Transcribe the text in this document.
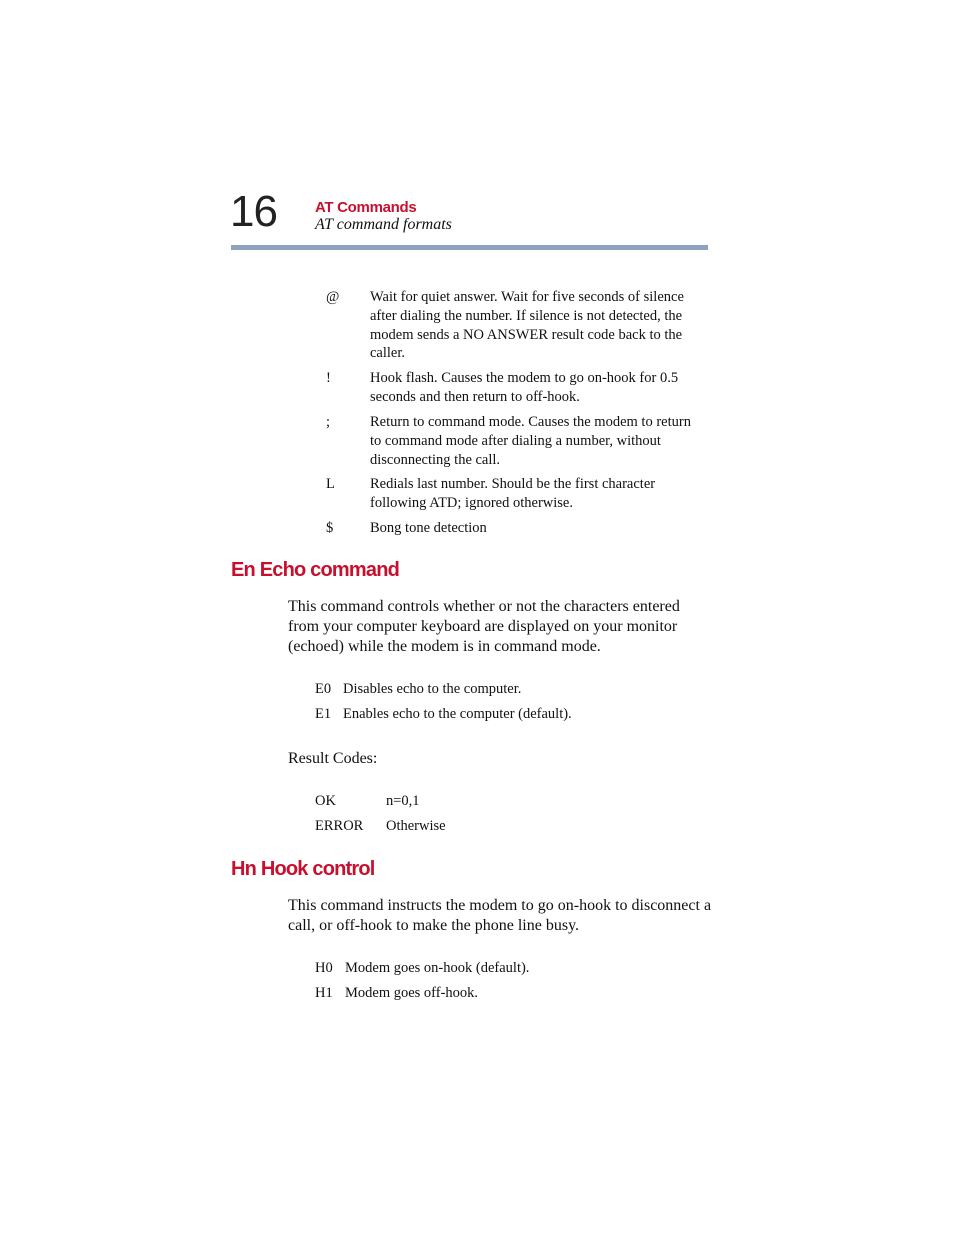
16	AT Commands
AT command formats
@	Wait for quiet answer. Wait for five seconds of silence after dialing the number. If silence is not detected, the modem sends a NO ANSWER result code back to the caller.
!	Hook flash. Causes the modem to go on-hook for 0.5 seconds and then return to off-hook.
;	Return to command mode. Causes the modem to return to command mode after dialing a number, without disconnecting the call.
L	Redials last number. Should be the first character following ATD; ignored otherwise.
$	Bong tone detection
En Echo command
This command controls whether or not the characters entered from your computer keyboard are displayed on your monitor (echoed) while the modem is in command mode.
E0 Disables echo to the computer.
E1 Enables echo to the computer (default).
Result Codes:
OK	n=0,1
ERROR Otherwise
Hn Hook control
This command instructs the modem to go on-hook to disconnect a call, or off-hook to make the phone line busy.
H0 Modem goes on-hook (default).
H1 Modem goes off-hook.
